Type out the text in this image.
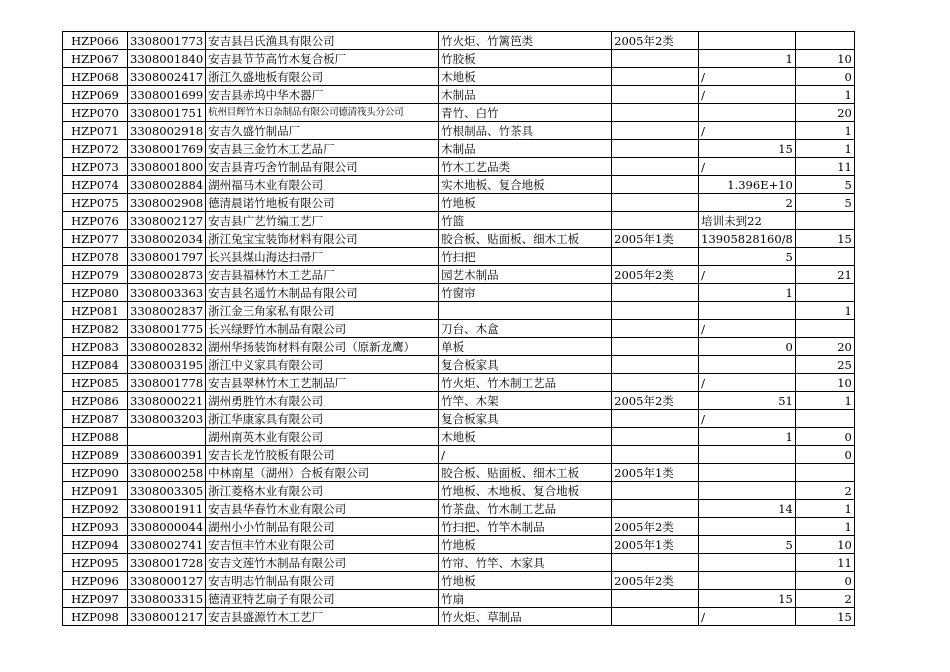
HZP066	3308001773	安吉县吕氏渔具有限公司	竹火炬、竹篱笆类	2005年2类		
HZP067	3308001840	安吉县节节高竹木复合板厂	竹胶板		1	10
HZP068	3308002417	浙江久盛地板有限公司	木地板		/	0
HZP069	3308001699	安吉县赤坞中华木器厂	木制品		/	1
HZP070	3308001751	杭州目辉竹木日杂制品有限公司德清筏头分公司	青竹、白竹			20
HZP071	3308002918	安吉久盛竹制品厂	竹根制品、竹茶具		/	1
HZP072	3308001769	安吉县三金竹木工艺品厂	木制品		15	1
HZP073	3308001800	安吉县青巧舍竹制品有限公司	竹木工艺品类		/	11
HZP074	3308002884	湖州福马木业有限公司	实木地板、复合地板		1.396E+10	5
HZP075	3308002908	德清晨诺竹地板有限公司	竹地板		2	5
HZP076	3308002127	安吉县广艺竹编工艺厂	竹篮		培训未到22	
HZP077	3308002034	浙江兔宝宝装饰材料有限公司	胶合板、贴面板、细木工板	2005年1类	13905828160/8	15
HZP078	3308001797	长兴县煤山海达扫帚厂	竹扫把		5	
HZP079	3308002873	安吉县福林竹木工艺品厂	园艺木制品	2005年2类	/	21
HZP080	3308003363	安吉县名遥竹木制品有限公司	竹窗帘		1	
HZP081	3308002837	浙江金三角家私有限公司				1
HZP082	3308001775	长兴绿野竹木制品有限公司	刀台、木盒		/	
HZP083	3308002832	湖州华扬装饰材料有限公司（原新龙鹰）	单板		0	20
HZP084	3308003195	浙江中义家具有限公司	复合板家具			25
HZP085	3308001778	安吉县翠林竹木工艺制品厂	竹火炬、竹木制工艺品		/	10
HZP086	3308000221	湖州勇胜竹木有限公司	竹竿、木架	2005年2类	51	1
HZP087	3308003203	浙江华康家具有限公司	复合板家具		/	
HZP088		湖州南英木业有限公司	木地板		1	0
HZP089	3308600391	安吉长龙竹胶板有限公司	/			0
HZP090	3308000258	中林南星（湖州）合板有限公司	胶合板、贴面板、细木工板	2005年1类		
HZP091	3308003305	浙江菱格木业有限公司	竹地板、木地板、复合地板			2
HZP092	3308001911	安吉县华春竹木业有限公司	竹茶盘、竹木制工艺品		14	1
HZP093	3308000044	湖州小小竹制品有限公司	竹扫把、竹竿木制品	2005年2类		1
HZP094	3308002741	安吉恒丰竹木业有限公司	竹地板	2005年1类	5	10
HZP095	3308001728	安吉文莲竹木制品有限公司	竹帘、竹竿、木家具			11
HZP096	3308000127	安吉明志竹制品有限公司	竹地板	2005年2类		0
HZP097	3308003315	德清亚特艺扇子有限公司	竹扇		15	2
HZP098	3308001217	安吉县盛源竹木工艺厂	竹火炬、草制品		/	15
